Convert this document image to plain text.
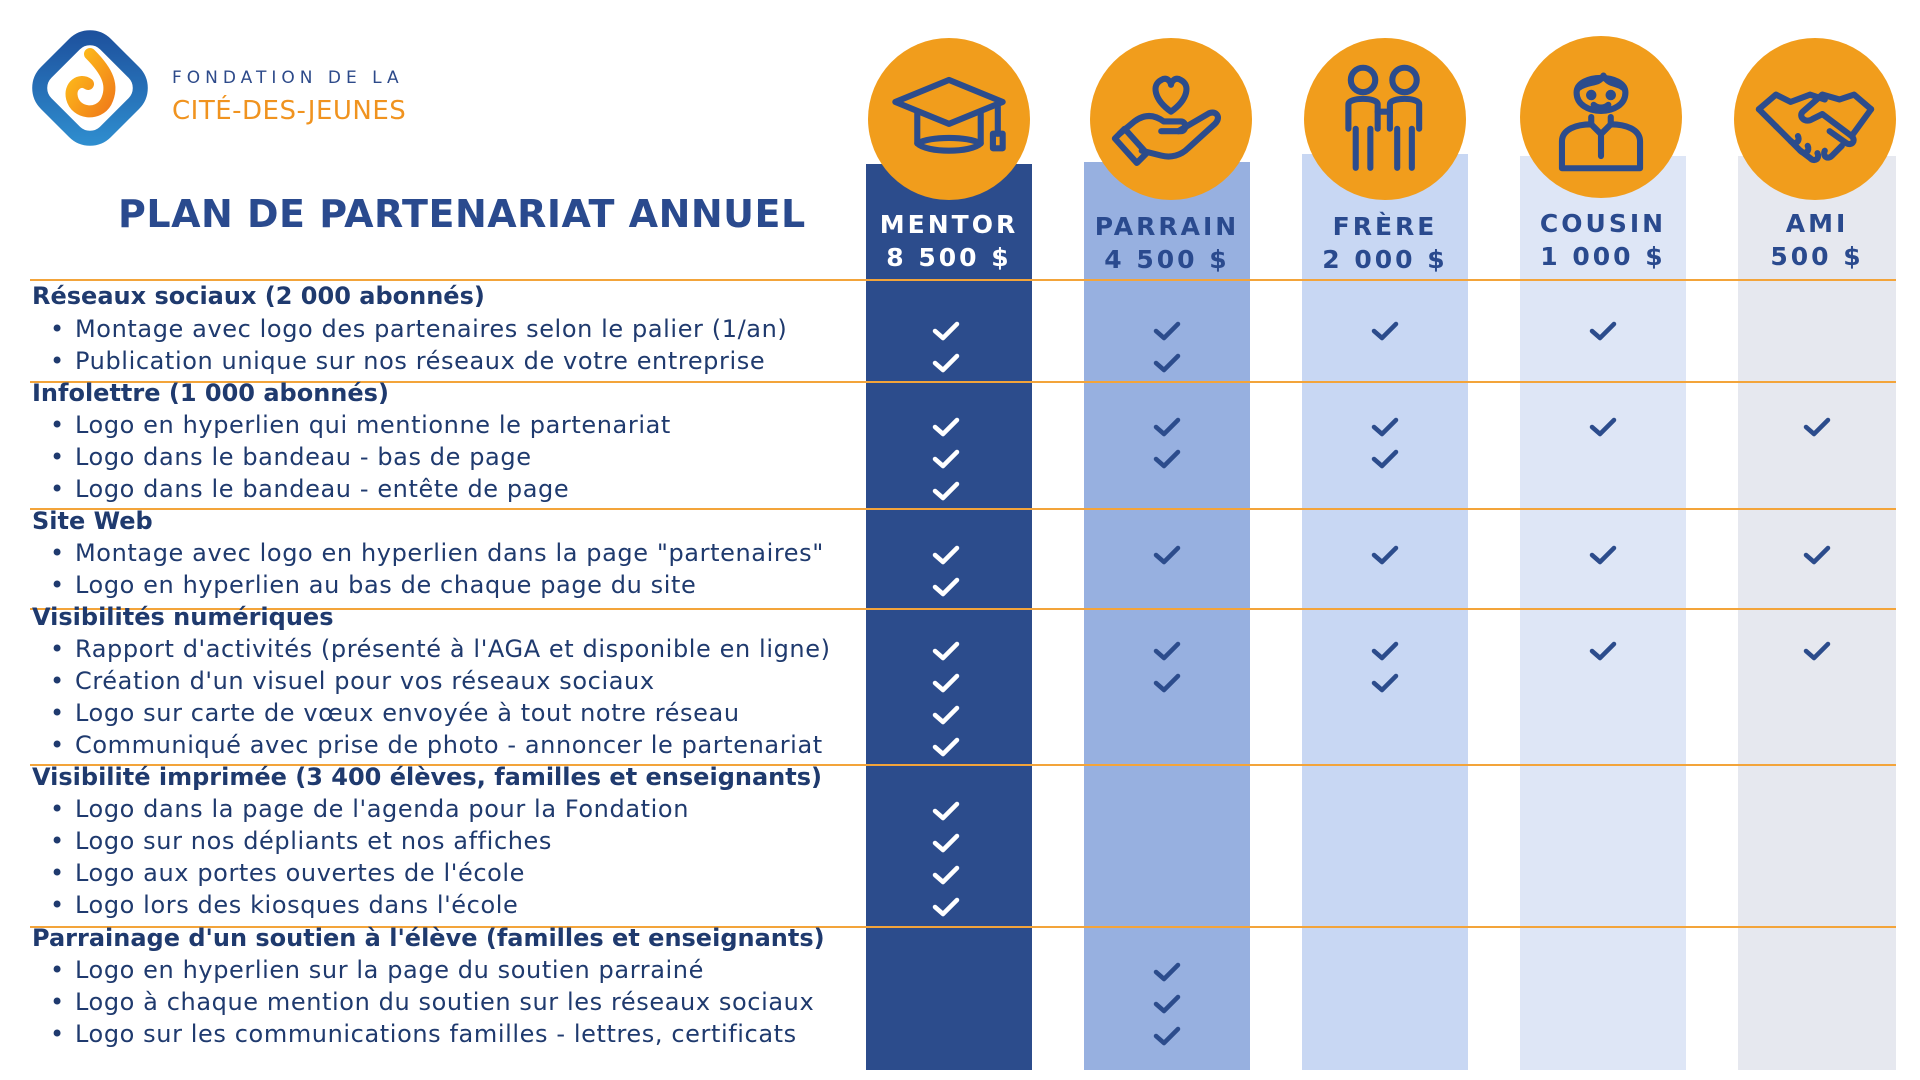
FONDATION DE LA
CITÉ-DES-JEUNES
PLAN DE PARTENARIAT ANNUEL	MENTOR
8 500 $
PARRAIN
4 500 $
FRÈRE
2 000 $
COUSIN
1 000 $
AMI
500 $
Réseaux sociaux (2 000 abonnés)
• Montage avec logo des partenaires selon le palier (1/an)
• Publication unique sur nos réseaux de votre entreprise
Infolettre (1 000 abonnés)
• Logo en hyperlien qui mentionne le partenariat
• Logo dans le bandeau - bas de page
• Logo dans le bandeau - entête de page
Site Web
• Montage avec logo en hyperlien dans la page "partenaires"
• Logo en hyperlien au bas de chaque page du site
Visibilités numériques
• Rapport d'activités (présenté à l'AGA et disponible en ligne)
• Création d'un visuel pour vos réseaux sociaux
• Logo sur carte de vœux envoyée à tout notre réseau
• Communiqué avec prise de photo - annoncer le partenariat
Visibilité imprimée (3 400 élèves, familles et enseignants)
• Logo dans la page de l'agenda pour la Fondation
• Logo sur nos dépliants et nos affiches
• Logo aux portes ouvertes de l'école
• Logo lors des kiosques dans l'école
Parrainage d'un soutien à l'élève (familles et enseignants)
• Logo en hyperlien sur la page du soutien parrainé
• Logo à chaque mention du soutien sur les réseaux sociaux
• Logo sur les communications familles - lettres, certificats
